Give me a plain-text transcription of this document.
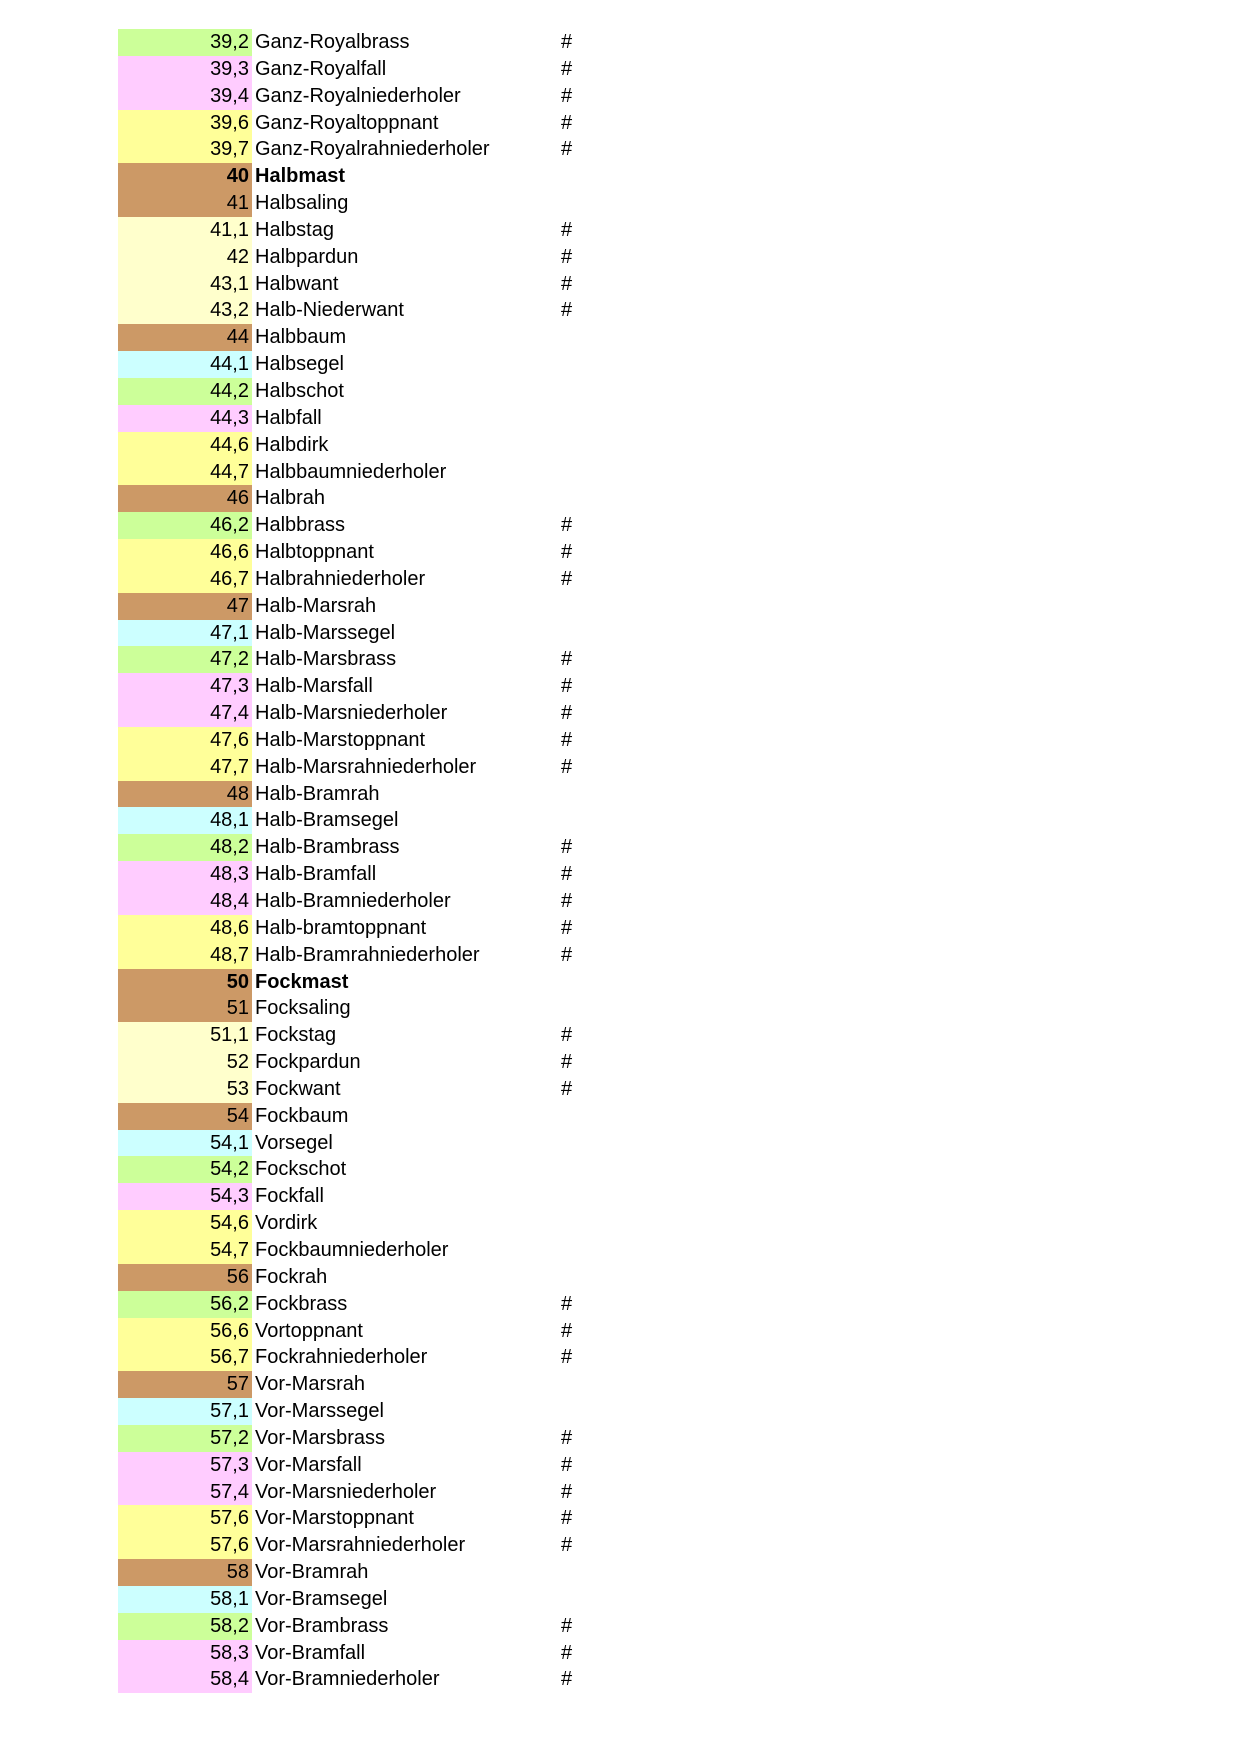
39,2 Ganz-Royalbrass	#
39,3 Ganz-Royalfall	#
39,4 Ganz-Royalniederholer	#
39,6 Ganz-Royaltoppnant	#
39,7 Ganz-Royalrahniederholer	#
40 Halbmast
41 Halbsaling
41,1 Halbstag	#
42 Halbpardun	#
43,1 Halbwant	#
43,2 Halb-Niederwant	#
44 Halbbaum
44,1 Halbsegel
44,2 Halbschot
44,3 Halbfall
44,6 Halbdirk
44,7 Halbbaumniederholer
46 Halbrah
46,2 Halbbrass	#
46,6 Halbtoppnant	#
46,7 Halbrahniederholer	#
47 Halb-Marsrah
47,1 Halb-Marssegel
47,2 Halb-Marsbrass	#
47,3 Halb-Marsfall	#
47,4 Halb-Marsniederholer	#
47,6 Halb-Marstoppnant	#
47,7 Halb-Marsrahniederholer	#
48 Halb-Bramrah
48,1 Halb-Bramsegel
48,2 Halb-Brambrass	#
48,3 Halb-Bramfall	#
48,4 Halb-Bramniederholer	#
48,6 Halb-bramtoppnant	#
48,7 Halb-Bramrahniederholer	#
50 Fockmast
51 Focksaling
51,1 Fockstag	#
52 Fockpardun	#
53 Fockwant	#
54 Fockbaum
54,1 Vorsegel
54,2 Fockschot
54,3 Fockfall
54,6 Vordirk
54,7 Fockbaumniederholer
56 Fockrah
56,2 Fockbrass	#
56,6 Vortoppnant	#
56,7 Fockrahniederholer	#
57 Vor-Marsrah
57,1 Vor-Marssegel
57,2 Vor-Marsbrass	#
57,3 Vor-Marsfall	#
57,4 Vor-Marsniederholer	#
57,6 Vor-Marstoppnant	#
57,6 Vor-Marsrahniederholer	#
58 Vor-Bramrah
58,1 Vor-Bramsegel
58,2 Vor-Brambrass	#
58,3 Vor-Bramfall	#
58,4 Vor-Bramniederholer	#
